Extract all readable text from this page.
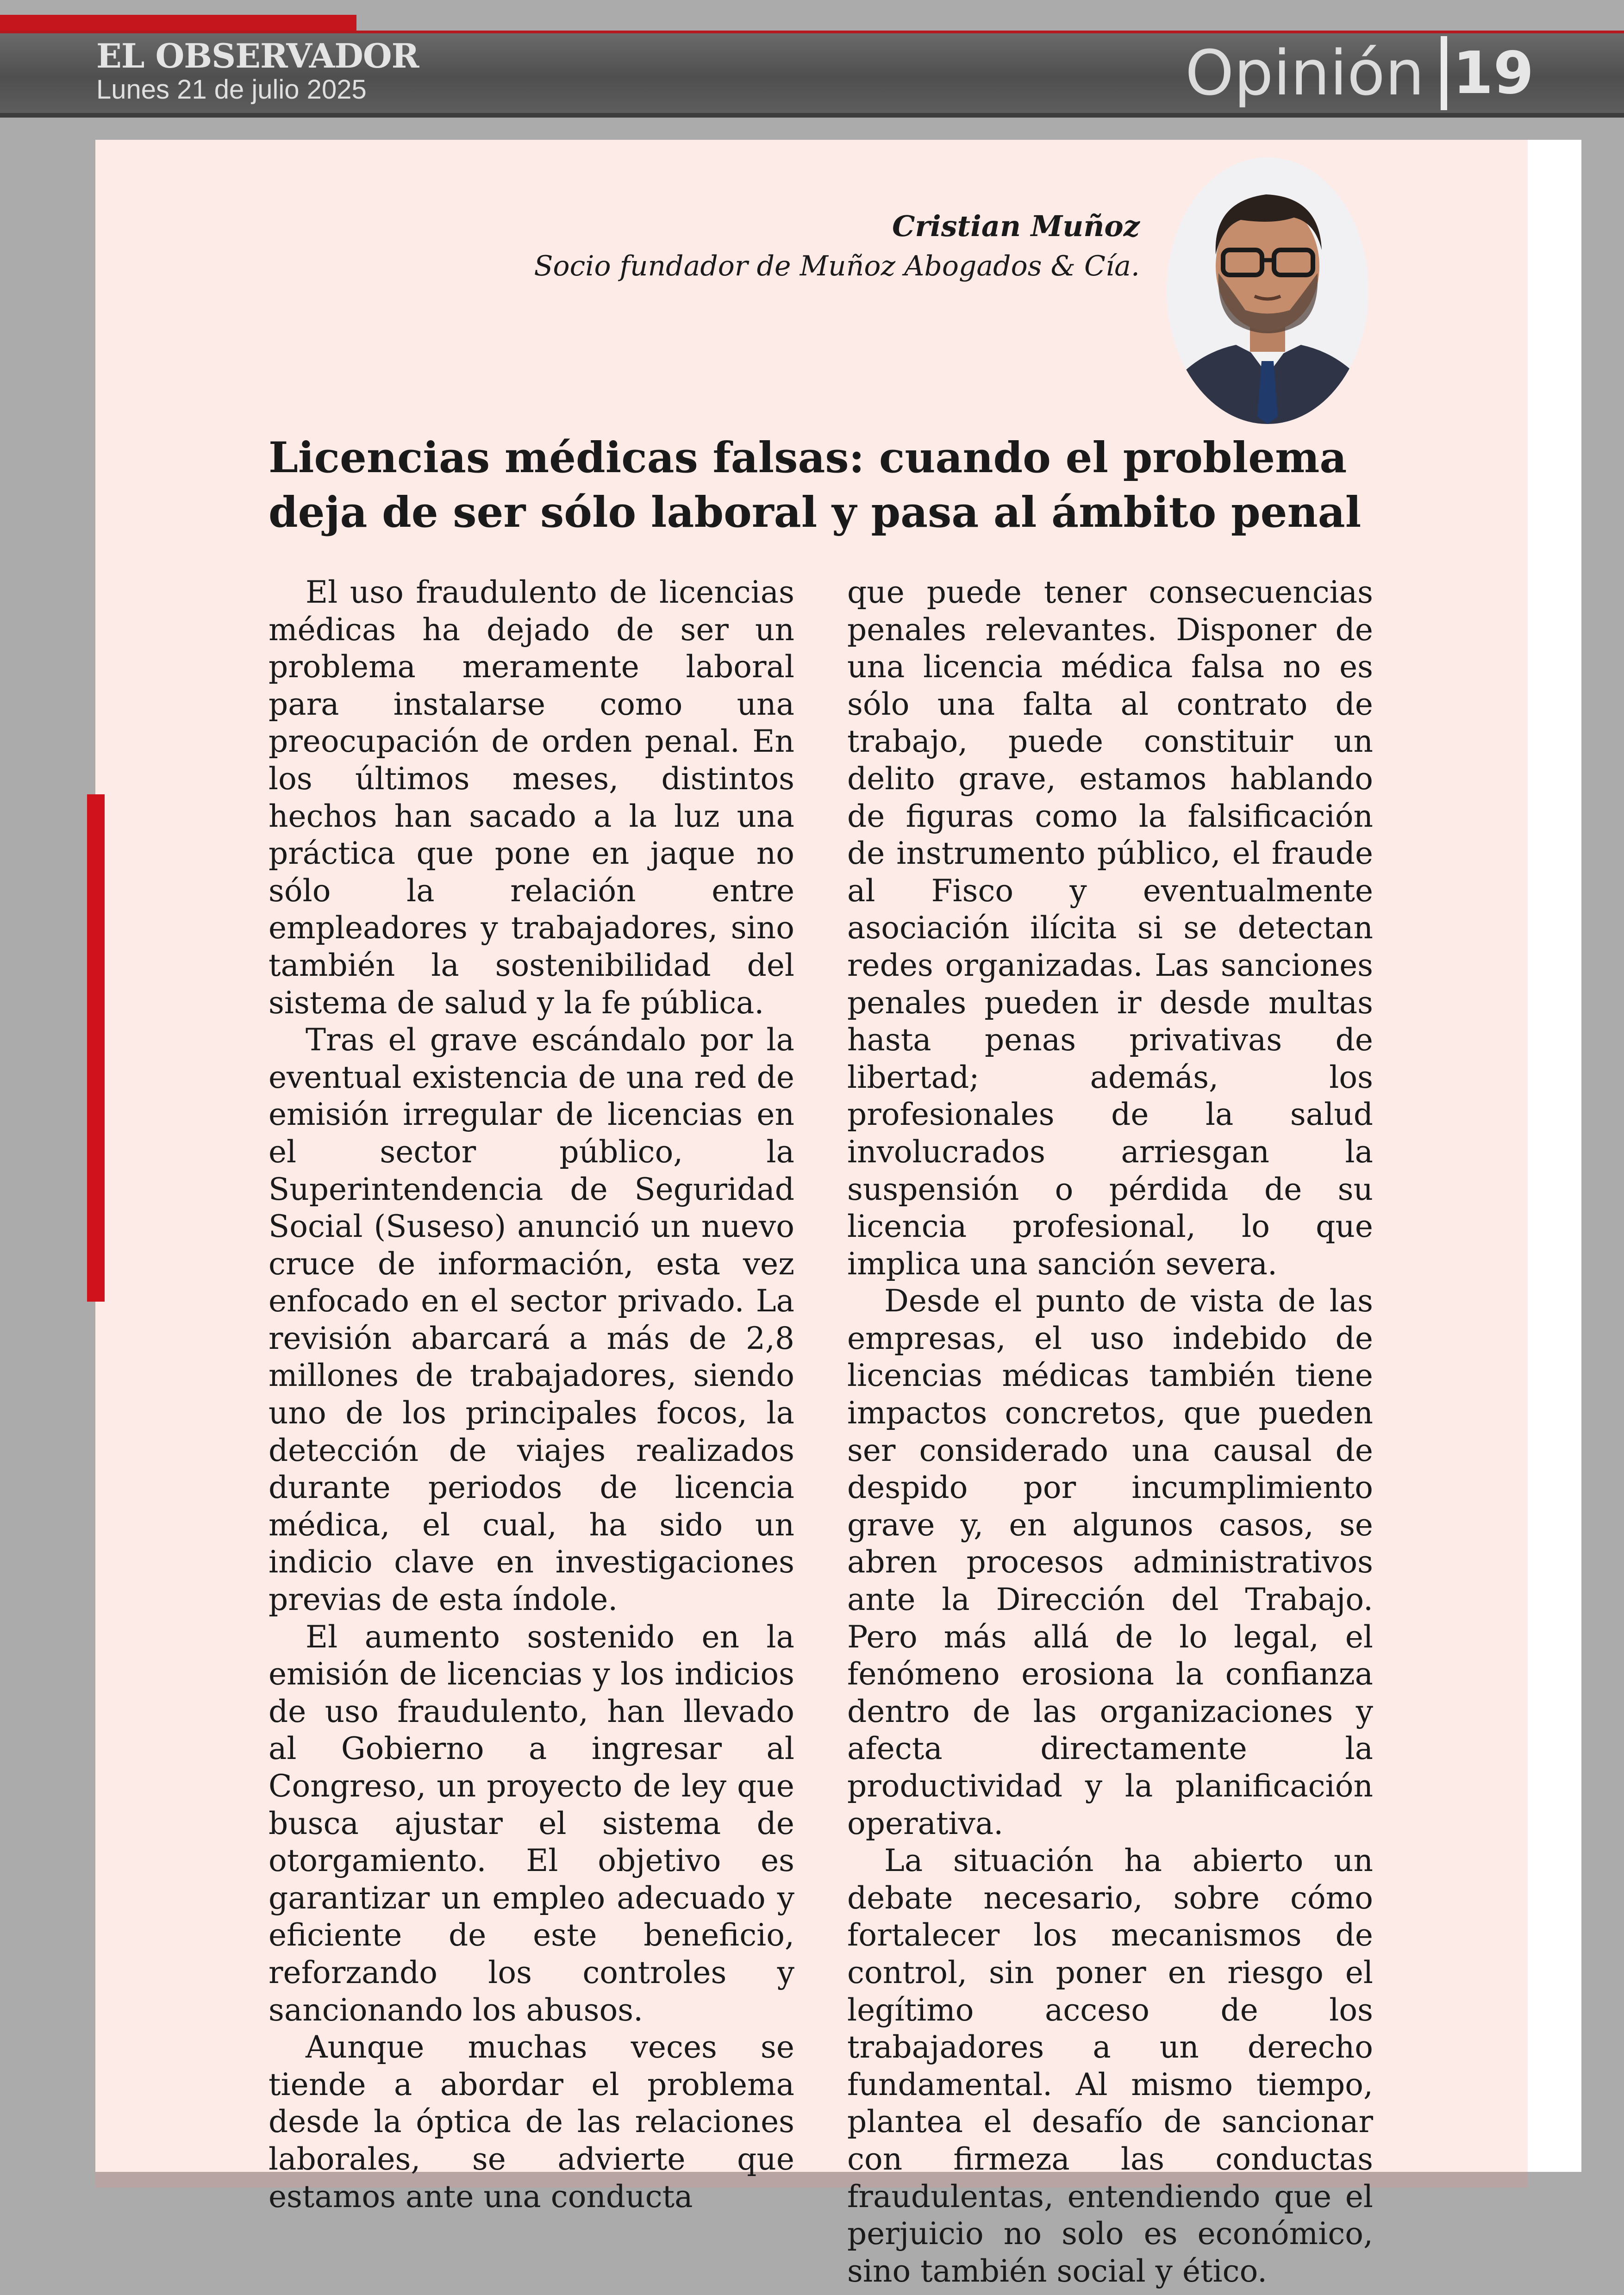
EL OBSERVADOR
Lunes 21 de julio 2025	Opinión 19
Cristian Muñoz
Socio fundador de Muñoz Abogados & Cía.
Licencias médicas falsas: cuando el problema deja de ser sólo laboral y pasa al ámbito penal

El uso fraudulento de licencias médicas ha dejado de ser un problema meramente laboral para instalarse como una preocupación de orden penal. En los últimos meses, distintos hechos han sacado a la luz una práctica que pone en jaque no sólo la relación entre empleadores y trabajadores, sino también la sostenibilidad del sistema de salud y la fe pública.

Tras el grave escándalo por la eventual existencia de una red de emisión irregular de licencias en el sector público, la Superintendencia de Seguridad Social (Suseso) anunció un nuevo cruce de información, esta vez enfocado en el sector privado. La revisión abarcará a más de 2,8 millones de trabajadores, siendo uno de los principales focos, la detección de viajes realizados durante periodos de licencia médica, el cual, ha sido un indicio clave en investigaciones previas de esta índole.

El aumento sostenido en la emisión de licencias y los indicios de uso fraudulento, han llevado al Gobierno a ingresar al Congreso, un proyecto de ley que busca ajustar el sistema de otorgamiento. El objetivo es garantizar un empleo adecuado y eficiente de este beneficio, reforzando los controles y sancionando los abusos.

Aunque muchas veces se tiende a abordar el problema desde la óptica de las relaciones laborales, se advierte que estamos ante una conducta

que puede tener consecuencias penales relevantes. Disponer de una licencia médica falsa no es sólo una falta al contrato de trabajo, puede constituir un delito grave, estamos hablando de figuras como la falsificación de instrumento público, el fraude al Fisco y eventualmente asociación ilícita si se detectan redes organizadas. Las sanciones penales pueden ir desde multas hasta penas privativas de libertad; además, los profesionales de la salud involucrados arriesgan la suspensión o pérdida de su licencia profesional, lo que implica una sanción severa.

Desde el punto de vista de las empresas, el uso indebido de licencias médicas también tiene impactos concretos, que pueden ser considerado una causal de despido por incumplimiento grave y, en algunos casos, se abren procesos administrativos ante la Dirección del Trabajo. Pero más allá de lo legal, el fenómeno erosiona la confianza dentro de las organizaciones y afecta directamente la productividad y la planificación operativa.

La situación ha abierto un debate necesario, sobre cómo fortalecer los mecanismos de control, sin poner en riesgo el legítimo acceso de los trabajadores a un derecho fundamental. Al mismo tiempo, plantea el desafío de sancionar con firmeza las conductas fraudulentas, entendiendo que el perjuicio no solo es económico, sino también social y ético.
